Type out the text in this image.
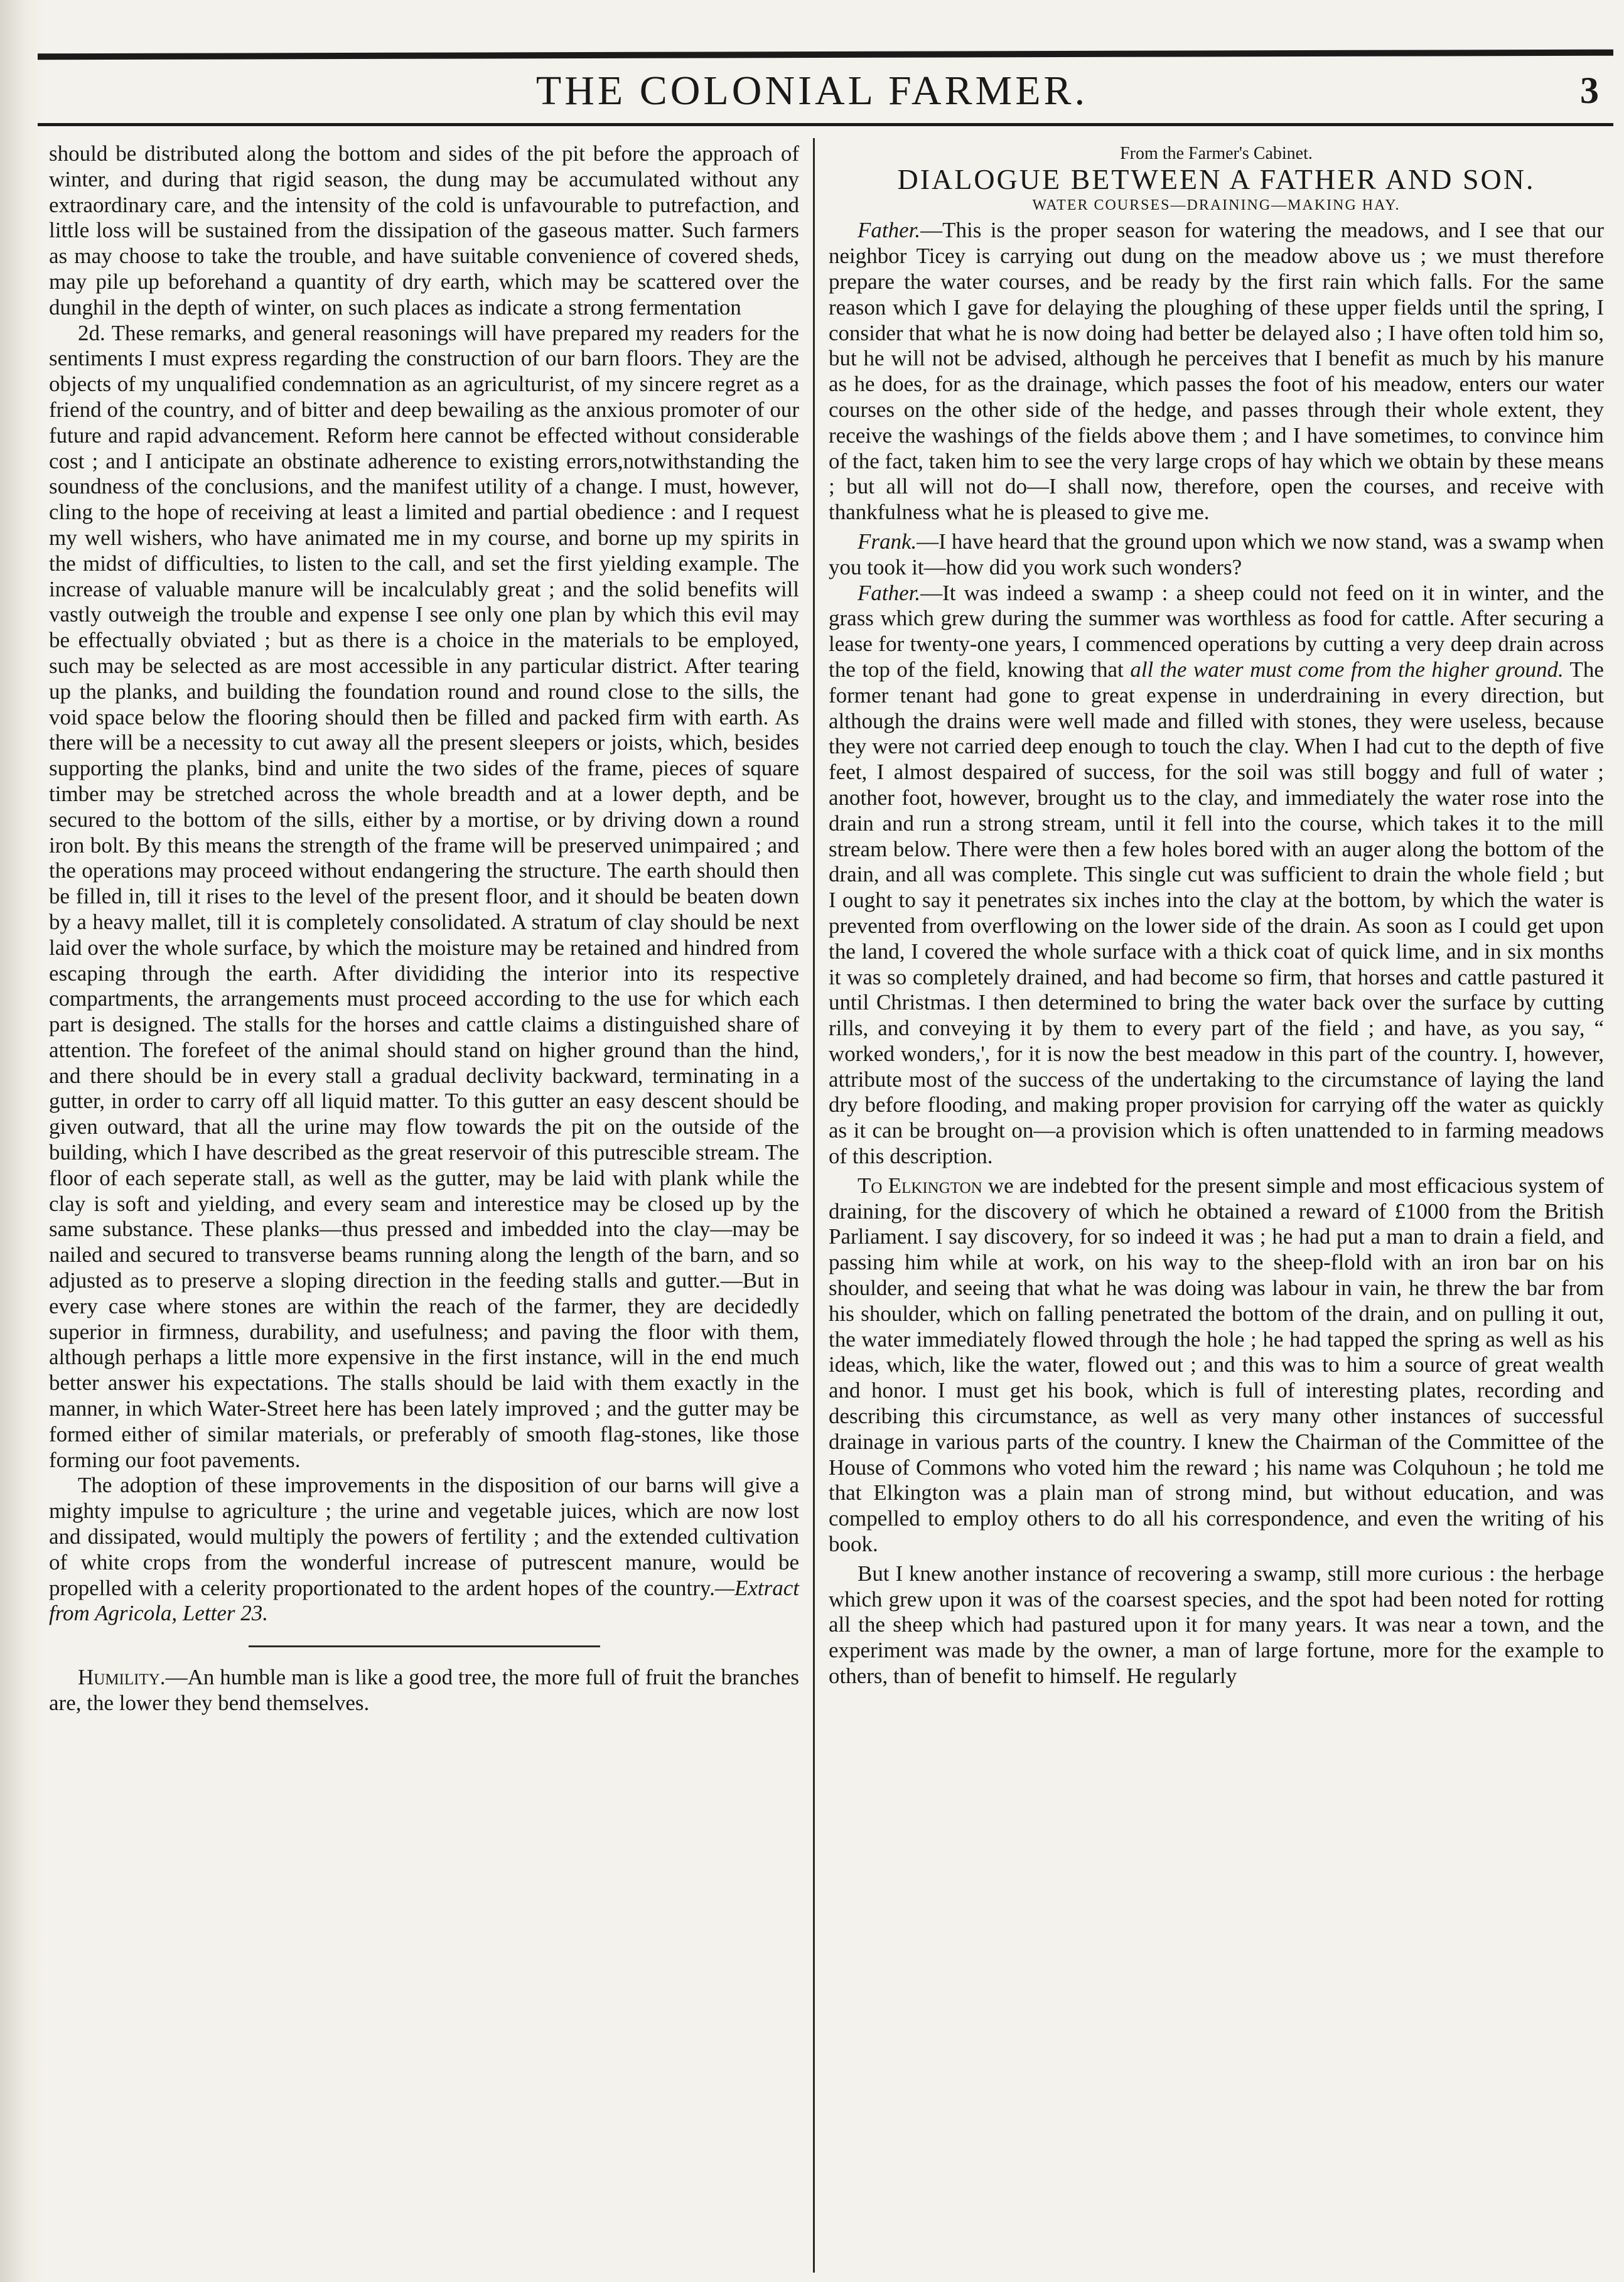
THE COLONIAL FARMER.	3

should be distributed along the bottom and sides of the pit before the approach of winter, and during that rigid season, the dung may be accumulated without any extraordinary care, and the intensity of the cold is unfavourable to putrefaction, and little loss will be sustained from the dissipation of the gaseous matter. Such farmers as may choose to take the trouble, and have suitable convenience of covered sheds, may pile up beforehand a quantity of dry earth, which may be scattered over the dunghil in the depth of winter, on such places as indicate a strong fermentation

2d. These remarks, and general reasonings will have prepared my readers for the sentiments I must express regarding the construction of our barn floors. They are the objects of my unqualified condemnation as an agriculturist, of my sincere regret as a friend of the country, and of bitter and deep bewailing as the anxious promoter of our future and rapid advancement. Reform here cannot be effected without considerable cost ; and I anticipate an obstinate adherence to existing errors,notwithstanding the soundness of the conclusions, and the manifest utility of a change. I must, however, cling to the hope of receiving at least a limited and partial obedience : and I request my well wishers, who have animated me in my course, and borne up my spirits in the midst of difficulties, to listen to the call, and set the first yielding example. The increase of valuable manure will be incalculably great ; and the solid benefits will vastly outweigh the trouble and expense I see only one plan by which this evil may be effectually obviated ; but as there is a choice in the materials to be employed, such may be selected as are most accessible in any particular district. After tearing up the planks, and building the foundation round and round close to the sills, the void space below the flooring should then be filled and packed firm with earth. As there will be a necessity to cut away all the present sleepers or joists, which, besides supporting the planks, bind and unite the two sides of the frame, pieces of square timber may be stretched across the whole breadth and at a lower depth, and be secured to the bottom of the sills, either by a mortise, or by driving down a round iron bolt. By this means the strength of the frame will be preserved unimpaired ; and the operations may proceed without endangering the structure. The earth should then be filled in, till it rises to the level of the present floor, and it should be beaten down by a heavy mallet, till it is completely consolidated. A stratum of clay should be next laid over the whole surface, by which the moisture may be retained and hindred from escaping through the earth. After divididing the interior into its respective compartments, the arrangements must proceed according to the use for which each part is designed. The stalls for the horses and cattle claims a distinguished share of attention. The forefeet of the animal should stand on higher ground than the hind, and there should be in every stall a gradual declivity backward, terminating in a gutter, in order to carry off all liquid matter. To this gutter an easy descent should be given outward, that all the urine may flow towards the pit on the outside of the building, which I have described as the great reservoir of this putrescible stream. The floor of each seperate stall, as well as the gutter, may be laid with plank while the clay is soft and yielding, and every seam and interestice may be closed up by the same substance. These planks—thus pressed and imbedded into the clay—may be nailed and secured to transverse beams running along the length of the barn, and so adjusted as to preserve a sloping direction in the feeding stalls and gutter.—But in every case where stones are within the reach of the farmer, they are decidedly superior in firmness, durability, and usefulness; and paving the floor with them, although perhaps a little more expensive in the first instance, will in the end much better answer his expectations. The stalls should be laid with them exactly in the manner, in which Water-Street here has been lately improved ; and the gutter may be formed either of similar materials, or preferably of smooth flag-stones, like those forming our foot pavements.

The adoption of these improvements in the disposition of our barns will give a mighty impulse to agriculture ; the urine and vegetable juices, which are now lost and dissipated, would multiply the powers of fertility ; and the extended cultivation of white crops from the wonderful increase of putrescent manure, would be propelled with a celerity proportionated to the ardent hopes of the country.—Extract from Agricola, Letter 23.

Humility.—An humble man is like a good tree, the more full of fruit the branches are, the lower they bend themselves.

From the Farmer's Cabinet.

DIALOGUE BETWEEN A FATHER AND SON.

WATER COURSES—DRAINING—MAKING HAY.

Father.—This is the proper season for watering the meadows, and I see that our neighbor Ticey is carrying out dung on the meadow above us ; we must therefore prepare the water courses, and be ready by the first rain which falls. For the same reason which I gave for delaying the ploughing of these upper fields until the spring, I consider that what he is now doing had better be delayed also ; I have often told him so, but he will not be advised, although he perceives that I benefit as much by his manure as he does, for as the drainage, which passes the foot of his meadow, enters our water courses on the other side of the hedge, and passes through their whole extent, they receive the washings of the fields above them ; and I have sometimes, to convince him of the fact, taken him to see the very large crops of hay which we obtain by these means ; but all will not do—I shall now, therefore, open the courses, and receive with thankfulness what he is pleased to give me.

Frank.—I have heard that the ground upon which we now stand, was a swamp when you took it—how did you work such wonders?

Father.—It was indeed a swamp : a sheep could not feed on it in winter, and the grass which grew during the summer was worthless as food for cattle. After securing a lease for twenty-one years, I commenced operations by cutting a very deep drain across the top of the field, knowing that all the water must come from the higher ground. The former tenant had gone to great expense in underdraining in every direction, but although the drains were well made and filled with stones, they were useless, because they were not carried deep enough to touch the clay. When I had cut to the depth of five feet, I almost despaired of success, for the soil was still boggy and full of water ; another foot, however, brought us to the clay, and immediately the water rose into the drain and run a strong stream, until it fell into the course, which takes it to the mill stream below. There were then a few holes bored with an auger along the bottom of the drain, and all was complete. This single cut was sufficient to drain the whole field ; but I ought to say it penetrates six inches into the clay at the bottom, by which the water is prevented from overflowing on the lower side of the drain. As soon as I could get upon the land, I covered the whole surface with a thick coat of quick lime, and in six months it was so completely drained, and had become so firm, that horses and cattle pastured it until Christmas. I then determined to bring the water back over the surface by cutting rills, and conveying it by them to every part of the field ; and have, as you say, “ worked wonders,', for it is now the best meadow in this part of the country. I, however, attribute most of the success of the undertaking to the circumstance of laying the land dry before flooding, and making proper provision for carrying off the water as quickly as it can be brought on—a provision which is often unattended to in farming meadows of this description.

To Elkington we are indebted for the present simple and most efficacious system of draining, for the discovery of which he obtained a reward of £1000 from the British Parliament. I say discovery, for so indeed it was ; he had put a man to drain a field, and passing him while at work, on his way to the sheep-flold with an iron bar on his shoulder, and seeing that what he was doing was labour in vain, he threw the bar from his shoulder, which on falling penetrated the bottom of the drain, and on pulling it out, the water immediately flowed through the hole ; he had tapped the spring as well as his ideas, which, like the water, flowed out ; and this was to him a source of great wealth and honor. I must get his book, which is full of interesting plates, recording and describing this circumstance, as well as very many other instances of successful drainage in various parts of the country. I knew the Chairman of the Committee of the House of Commons who voted him the reward ; his name was Colquhoun ; he told me that Elkington was a plain man of strong mind, but without education, and was compelled to employ others to do all his correspondence, and even the writing of his book.

But I knew another instance of recovering a swamp, still more curious : the herbage which grew upon it was of the coarsest species, and the spot had been noted for rotting all the sheep which had pastured upon it for many years. It was near a town, and the experiment was made by the owner, a man of large fortune, more for the example to others, than of benefit to himself. He regularly
